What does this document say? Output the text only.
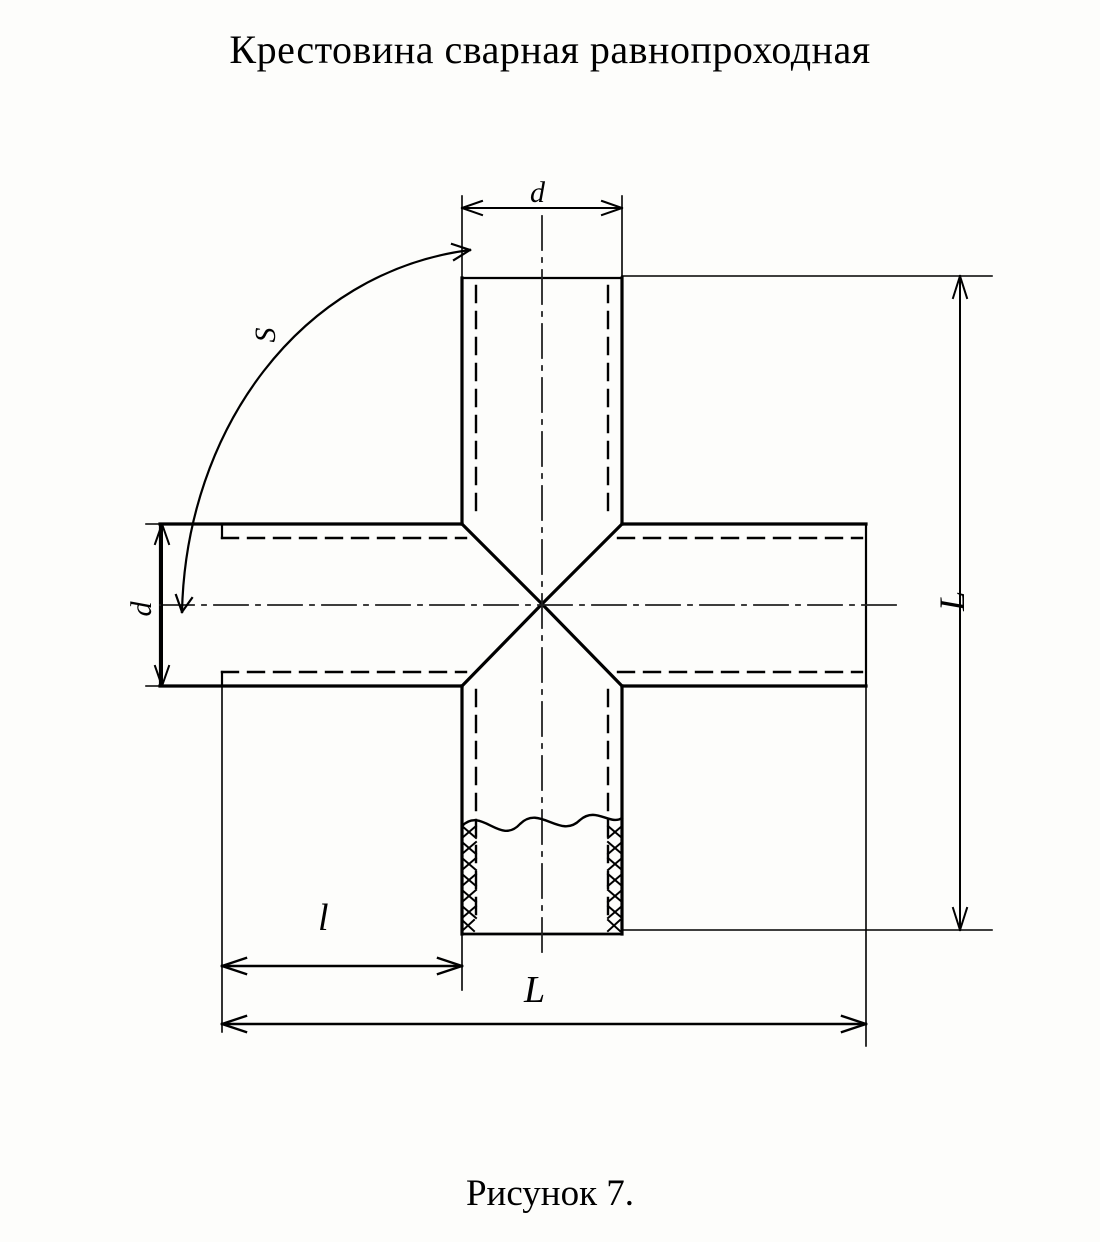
Крестовина сварная равнопроходная
d
d	L
l
L
S
Рисунок 7.
